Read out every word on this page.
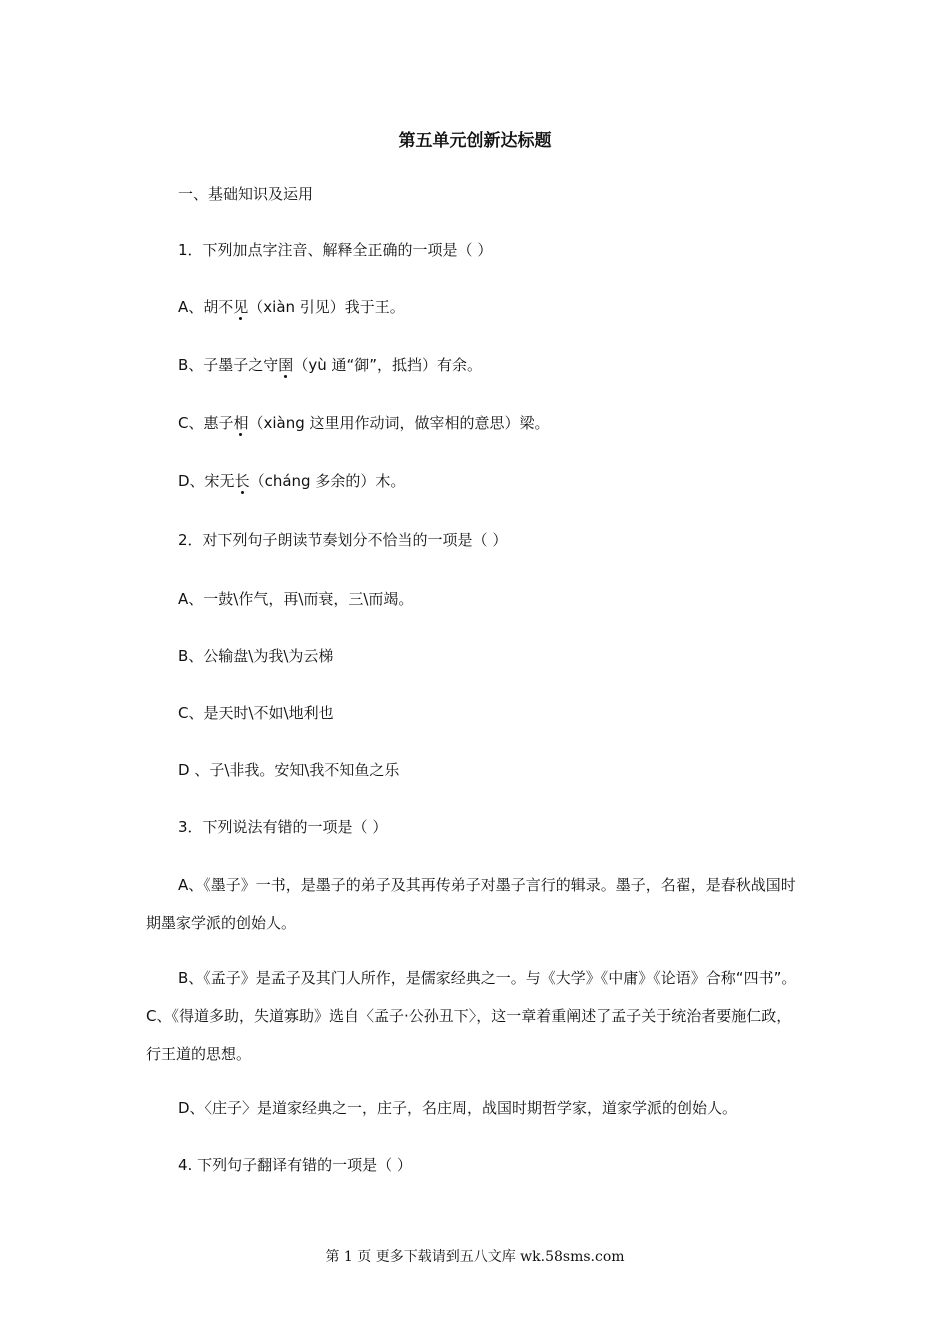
第五单元创新达标题
一、基础知识及运用
1．下列加点字注音、解释全正确的一项是（ ）
A、胡不见（xiàn 引见）我于王。
B、子墨子之守圉（yù 通“御”，抵挡）有余。
C、惠子相（xiàng 这里用作动词，做宰相的意思）梁。
D、宋无长（cháng 多余的）木。
2．对下列句子朗读节奏划分不恰当的一项是（ ）
A、一鼓\作气，再\而衰，三\而竭。
B、公输盘\为我\为云梯
C、是天时\不如\地利也
D 、子\非我。安知\我不知鱼之乐
3．下列说法有错的一项是（ ）
A、《墨子》一书，是墨子的弟子及其再传弟子对墨子言行的辑录。墨子，名翟，是春秋战国时期墨家学派的创始人。
B、《孟子》是孟子及其门人所作，是儒家经典之一。与《大学》《中庸》《论语》合称“四书”。C、《得道多助，失道寡助》选自〈孟子·公孙丑下〉，这一章着重阐述了孟子关于统治者要施仁政，行王道的思想。
D、〈庄子〉是道家经典之一，庄子，名庄周，战国时期哲学家，道家学派的创始人。
4. 下列句子翻译有错的一项是（ ）
第 1 页 更多下载请到五八文库 wk.58sms.com
